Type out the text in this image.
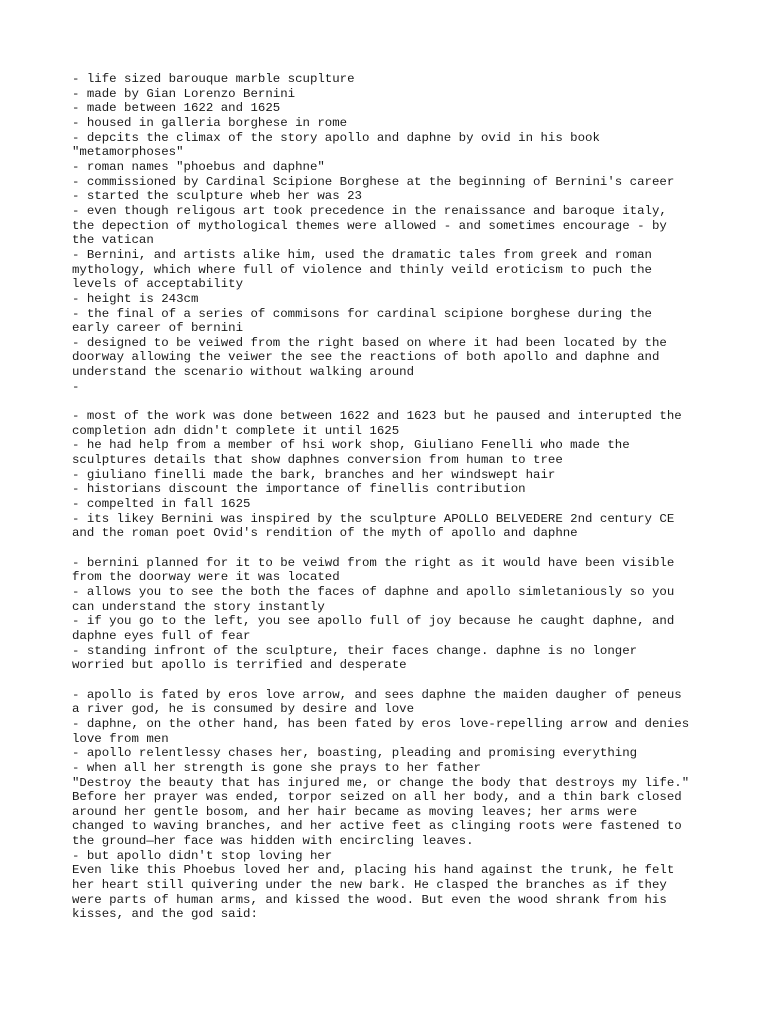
- life sized barouque marble scuplture
- made by Gian Lorenzo Bernini
- made between 1622 and 1625
- housed in galleria borghese in rome
- depcits the climax of the story apollo and daphne by ovid in his book
"metamorphoses"
- roman names "phoebus and daphne"
- commissioned by Cardinal Scipione Borghese at the beginning of Bernini's career
- started the sculpture wheb her was 23
- even though religous art took precedence in the renaissance and baroque italy,
the depection of mythological themes were allowed - and sometimes encourage - by
the vatican
- Bernini, and artists alike him, used the dramatic tales from greek and roman
mythology, which where full of violence and thinly veild eroticism to puch the
levels of acceptability
- height is 243cm
- the final of a series of commisons for cardinal scipione borghese during the
early career of bernini
- designed to be veiwed from the right based on where it had been located by the
doorway allowing the veiwer the see the reactions of both apollo and daphne and
understand the scenario without walking around
-

- most of the work was done between 1622 and 1623 but he paused and interupted the
completion adn didn't complete it until 1625
- he had help from a member of hsi work shop, Giuliano Fenelli who made the
sculptures details that show daphnes conversion from human to tree
- giuliano finelli made the bark, branches and her windswept hair
- historians discount the importance of finellis contribution
- compelted in fall 1625
- its likey Bernini was inspired by the sculpture APOLLO BELVEDERE 2nd century CE
and the roman poet Ovid's rendition of the myth of apollo and daphne

- bernini planned for it to be veiwd from the right as it would have been visible
from the doorway were it was located
- allows you to see the both the faces of daphne and apollo simletaniously so you
can understand the story instantly
- if you go to the left, you see apollo full of joy because he caught daphne, and
daphne eyes full of fear
- standing infront of the sculpture, their faces change. daphne is no longer
worried but apollo is terrified and desperate

- apollo is fated by eros love arrow, and sees daphne the maiden daugher of peneus
a river god, he is consumed by desire and love
- daphne, on the other hand, has been fated by eros love-repelling arrow and denies
love from men
- apollo relentlessy chases her, boasting, pleading and promising everything
- when all her strength is gone she prays to her father
"Destroy the beauty that has injured me, or change the body that destroys my life."
Before her prayer was ended, torpor seized on all her body, and a thin bark closed
around her gentle bosom, and her hair became as moving leaves; her arms were
changed to waving branches, and her active feet as clinging roots were fastened to
the ground—her face was hidden with encircling leaves.
- but apollo didn't stop loving her
Even like this Phoebus loved her and, placing his hand against the trunk, he felt
her heart still quivering under the new bark. He clasped the branches as if they
were parts of human arms, and kissed the wood. But even the wood shrank from his
kisses, and the god said:
